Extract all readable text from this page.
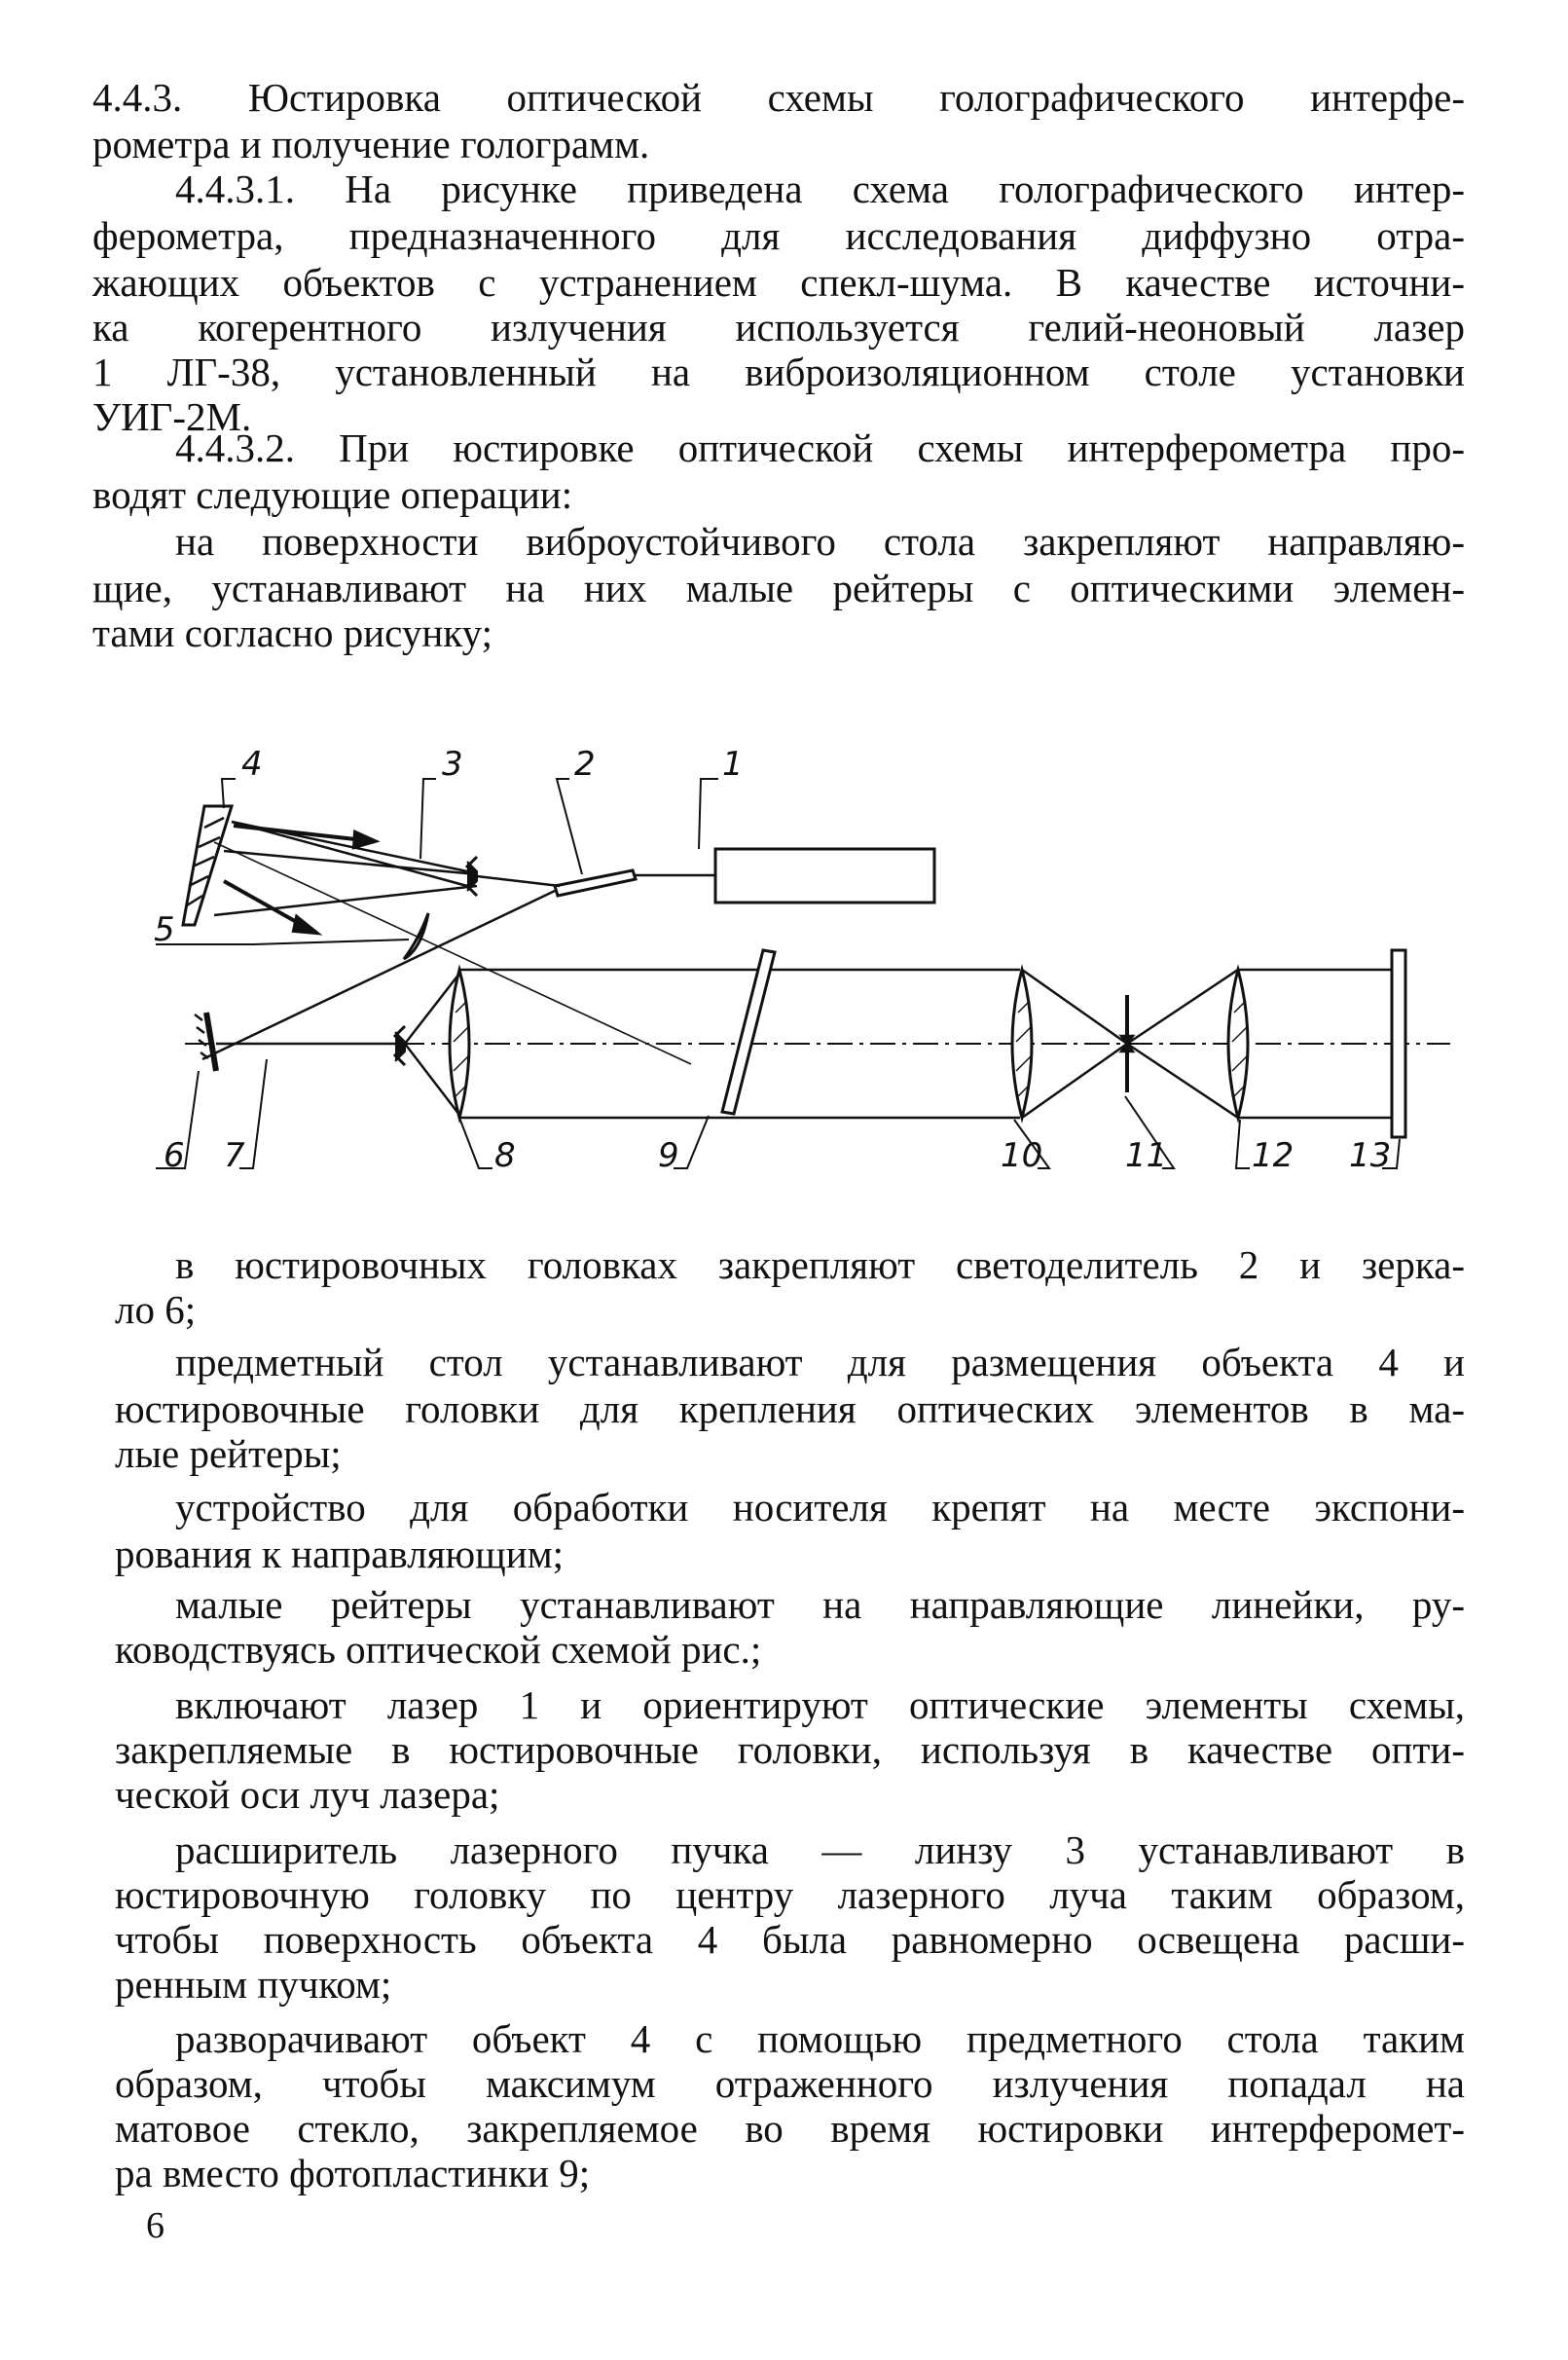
4.4.3. Юстировка оптической схемы голографического интерфе-
рометра и получение голограмм.
4.4.3.1. На рисунке приведена схема голографического интер-
ферометра, предназначенного для исследования диффузно отра-
жающих объектов с устранением спекл-шума. В качестве источни-
ка когерентного излучения используется гелий-неоновый лазер
1 ЛГ-38, установленный на виброизоляционном столе установки
УИГ-2М.
4.4.3.2. При юстировке оптической схемы интерферометра про-
водят следующие операции:
на поверхности виброустойчивого стола закрепляют направляю-
щие, устанавливают на них малые рейтеры с оптическими элемен-
тами согласно рисунку;
4	3	2	1
5
6 7	8	9	10 11	12 13
в юстировочных головках закрепляют светоделитель 2 и зерка-
ло 6;
предметный стол устанавливают для размещения объекта 4 и
юстировочные головки для крепления оптических элементов в ма-
лые рейтеры;
устройство для обработки носителя крепят на месте экспони-
рования к направляющим;
малые рейтеры устанавливают на направляющие линейки, ру-
ководствуясь оптической схемой рис.;
включают лазер 1 и ориентируют оптические элементы схемы,
закрепляемые в юстировочные головки, используя в качестве опти-
ческой оси луч лазера;
расширитель лазерного пучка — линзу 3 устанавливают в
юстировочную головку по центру лазерного луча таким образом,
чтобы поверхность объекта 4 была равномерно освещена расши-
ренным пучком;
разворачивают объект 4 с помощью предметного стола таким
образом, чтобы максимум отраженного излучения попадал на
матовое стекло, закрепляемое во время юстировки интерферомет-
ра вместо фотопластинки 9;
6
